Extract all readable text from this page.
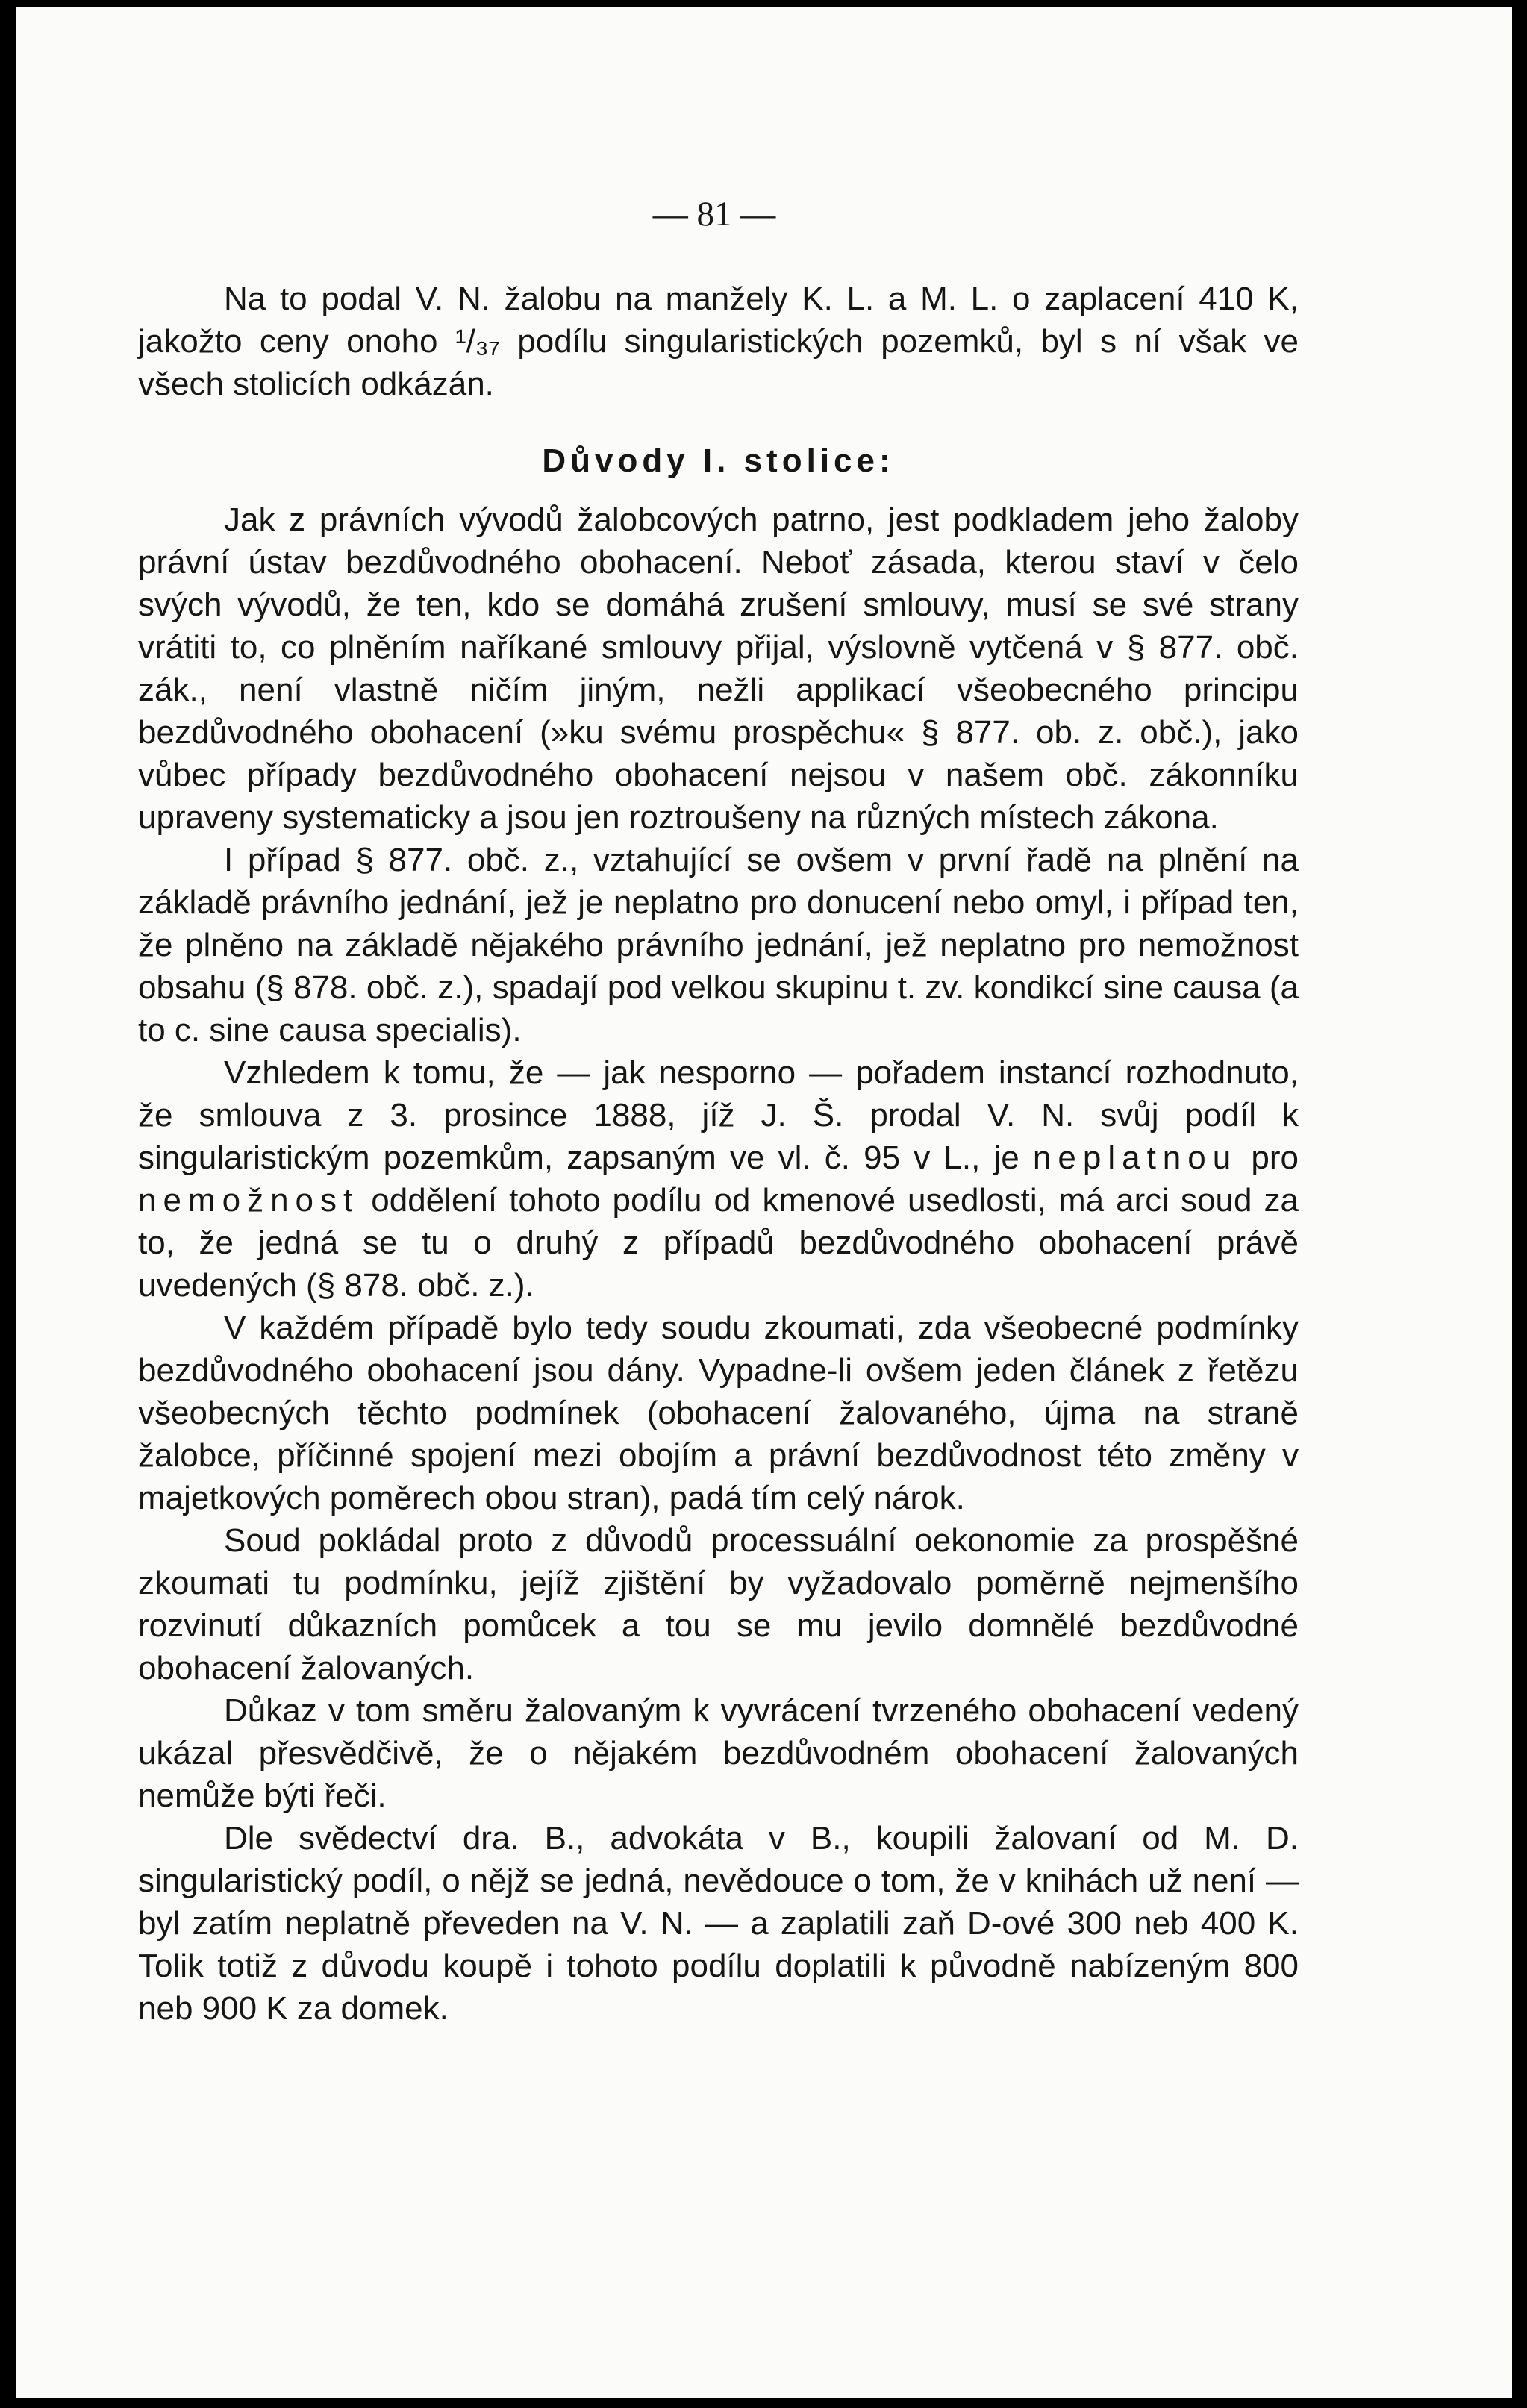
— 81 —

Na to podal V. N. žalobu na manžely K. L. a M. L. o zaplacení 410 K, jakožto ceny onoho ¹/₃₇ podílu singularistických pozemků, byl s ní však ve všech stolicích odkázán.

Důvody I. stolice:

Jak z právních vývodů žalobcových patrno, jest podkladem jeho žaloby právní ústav bezdůvodného obohacení. Neboť zásada, kterou staví v čelo svých vývodů, že ten, kdo se domáhá zrušení smlouvy, musí se své strany vrátiti to, co plněním naříkané smlouvy přijal, výslovně vytčená v § 877. obč. zák., není vlastně ničím jiným, nežli applikací všeobecného principu bezdůvodného obohacení (»ku svému prospěchu« § 877. ob. z. obč.), jako vůbec případy bezdůvodného obohacení nejsou v našem obč. zákonníku upraveny systematicky a jsou jen roztroušeny na různých místech zákona.

I případ § 877. obč. z., vztahující se ovšem v první řadě na plnění na základě právního jednání, jež je neplatno pro donucení nebo omyl, i případ ten, že plněno na základě nějakého právního jednání, jež neplatno pro nemožnost obsahu (§ 878. obč. z.), spadají pod velkou skupinu t. zv. kondikcí sine causa (a to c. sine causa specialis).

Vzhledem k tomu, že — jak nesporno — pořadem instancí rozhodnuto, že smlouva z 3. prosince 1888, jíž J. Š. prodal V. N. svůj podíl k singularistickým pozemkům, zapsaným ve vl. č. 95 v L., je neplatnou pro nemožnost oddělení tohoto podílu od kmenové usedlosti, má arci soud za to, že jedná se tu o druhý z případů bezdůvodného obohacení právě uvedených (§ 878. obč. z.).

V každém případě bylo tedy soudu zkoumati, zda všeobecné podmínky bezdůvodného obohacení jsou dány. Vypadne-li ovšem jeden článek z řetězu všeobecných těchto podmínek (obohacení žalovaného, újma na straně žalobce, příčinné spojení mezi obojím a právní bezdůvodnost této změny v majetkových poměrech obou stran), padá tím celý nárok.

Soud pokládal proto z důvodů processuální oekonomie za prospěšné zkoumati tu podmínku, jejíž zjištění by vyžadovalo poměrně nejmenšího rozvinutí důkazních pomůcek a tou se mu jevilo domnělé bezdůvodné obohacení žalovaných.

Důkaz v tom směru žalovaným k vyvrácení tvrzeného obohacení vedený ukázal přesvědčivě, že o nějakém bezdůvodném obohacení žalovaných nemůže býti řeči.

Dle svědectví dra. B., advokáta v B., koupili žalovaní od M. D. singularistický podíl, o nějž se jedná, nevědouce o tom, že v knihách už není — byl zatím neplatně převeden na V. N. — a zaplatili zaň D-ové 300 neb 400 K. Tolik totiž z důvodu koupě i tohoto podílu doplatili k původně nabízeným 800 neb 900 K za domek.
